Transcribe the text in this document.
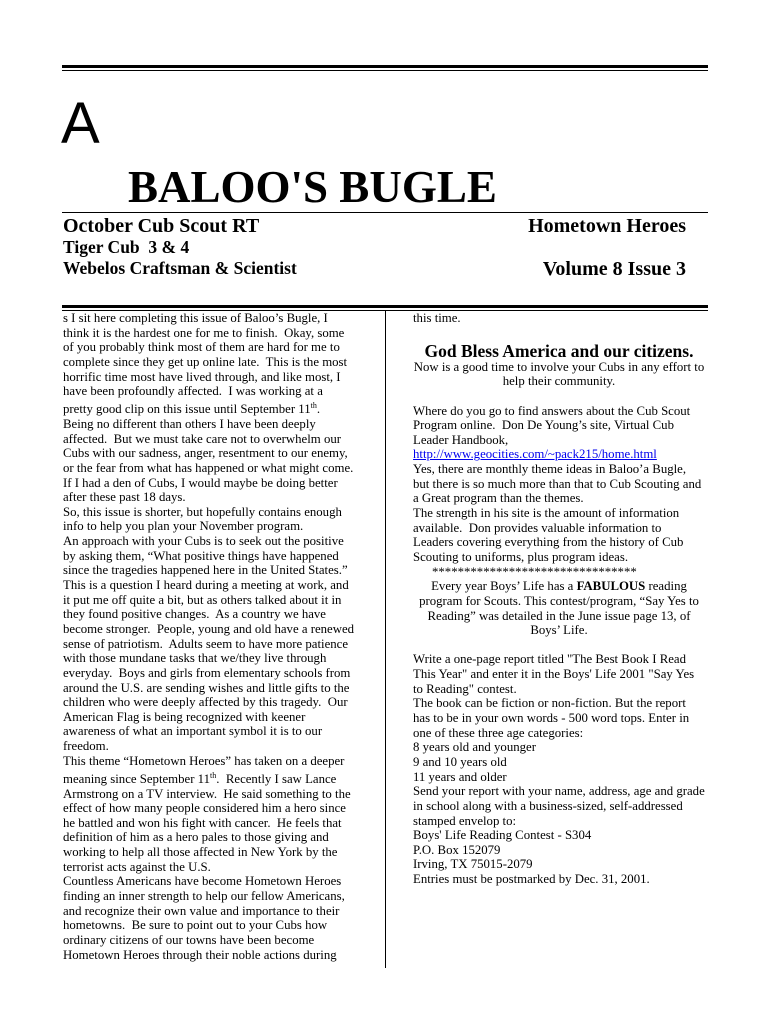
A
BALOO'S BUGLE
October Cub Scout RT	Hometown Heroes
Tiger Cub  3 & 4
Webelos Craftsman & Scientist	Volume 8 Issue 3
s I sit here completing this issue of Baloo’s Bugle, I
think it is the hardest one for me to finish.  Okay, some
of you probably think most of them are hard for me to
complete since they get up online late.  This is the most
horrific time most have lived through, and like most, I
have been profoundly affected.  I was working at a
pretty good clip on this issue until September 11th.
Being no different than others I have been deeply
affected.  But we must take care not to overwhelm our
Cubs with our sadness, anger, resentment to our enemy,
or the fear from what has happened or what might come.
If I had a den of Cubs, I would maybe be doing better
after these past 18 days.
So, this issue is shorter, but hopefully contains enough
info to help you plan your November program.
An approach with your Cubs is to seek out the positive
by asking them, “What positive things have happened
since the tragedies happened here in the United States.”
This is a question I heard during a meeting at work, and
it put me off quite a bit, but as others talked about it in
they found positive changes.  As a country we have
become stronger.  People, young and old have a renewed
sense of patriotism.  Adults seem to have more patience
with those mundane tasks that we/they live through
everyday.  Boys and girls from elementary schools from
around the U.S. are sending wishes and little gifts to the
children who were deeply affected by this tragedy.  Our
American Flag is being recognized with keener
awareness of what an important symbol it is to our
freedom.
This theme “Hometown Heroes” has taken on a deeper
meaning since September 11th.  Recently I saw Lance
Armstrong on a TV interview.  He said something to the
effect of how many people considered him a hero since
he battled and won his fight with cancer.  He feels that
definition of him as a hero pales to those giving and
working to help all those affected in New York by the
terrorist acts against the U.S.
Countless Americans have become Hometown Heroes
finding an inner strength to help our fellow Americans,
and recognize their own value and importance to their
hometowns.  Be sure to point out to your Cubs how
ordinary citizens of our towns have been become
Hometown Heroes through their noble actions during
this time.
God Bless America and our citizens.
Now is a good time to involve your Cubs in any effort to
help their community.
Where do you go to find answers about the Cub Scout
Program online.  Don De Young’s site, Virtual Cub
Leader Handbook,
http://www.geocities.com/~pack215/home.html
Yes, there are monthly theme ideas in Baloo’a Bugle,
but there is so much more than that to Cub Scouting and
a Great program than the themes.
The strength in his site is the amount of information
available.  Don provides valuable information to
Leaders covering everything from the history of Cub
Scouting to uniforms, plus program ideas.
********************************
Every year Boys’ Life has a FABULOUS reading
program for Scouts. This contest/program, “Say Yes to
Reading” was detailed in the June issue page 13, of
Boys’ Life.
Write a one-page report titled "The Best Book I Read
This Year" and enter it in the Boys' Life 2001 "Say Yes
to Reading" contest.
The book can be fiction or non-fiction. But the report
has to be in your own words - 500 word tops. Enter in
one of these three age categories:
8 years old and younger
9 and 10 years old
11 years and older
Send your report with your name, address, age and grade
in school along with a business-sized, self-addressed
stamped envelop to:
Boys' Life Reading Contest - S304
P.O. Box 152079
Irving, TX 75015-2079
Entries must be postmarked by Dec. 31, 2001.
